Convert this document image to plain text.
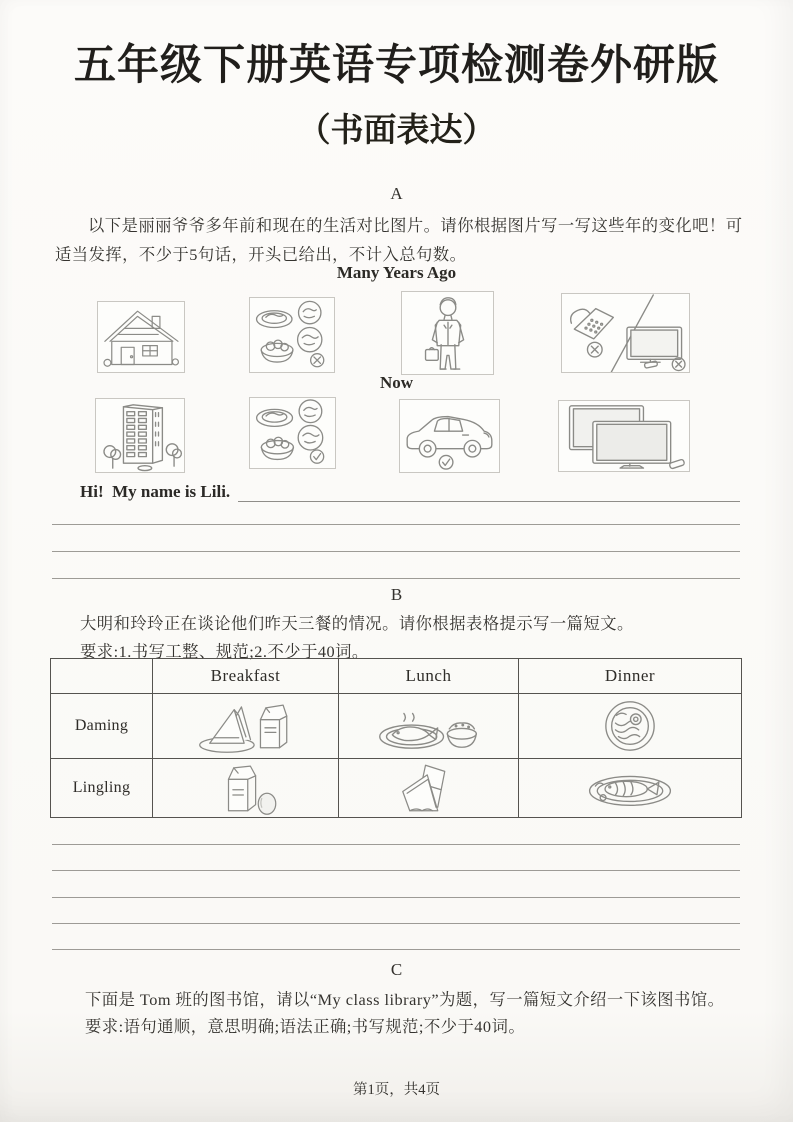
五年级下册英语专项检测卷外研版
（书面表达）
A
以下是丽丽爷爷多年前和现在的生活对比图片。请你根据图片写一写这些年的变化吧！可
适当发挥，不少于5句话，开头已给出，不计入总句数。
Many Years Ago
Now
Hi!  My name is Lili.
B
大明和玲玲正在谈论他们昨天三餐的情况。请你根据表格提示写一篇短文。
要求:1.书写工整、规范;2.不少于40词。
	Breakfast	Lunch	Dinner
Daming	

Lingling	

C
下面是 Tom 班的图书馆，请以“My class library”为题，写一篇短文介绍一下该图书馆。
要求:语句通顺，意思明确;语法正确;书写规范;不少于40词。
第1页，共4页
